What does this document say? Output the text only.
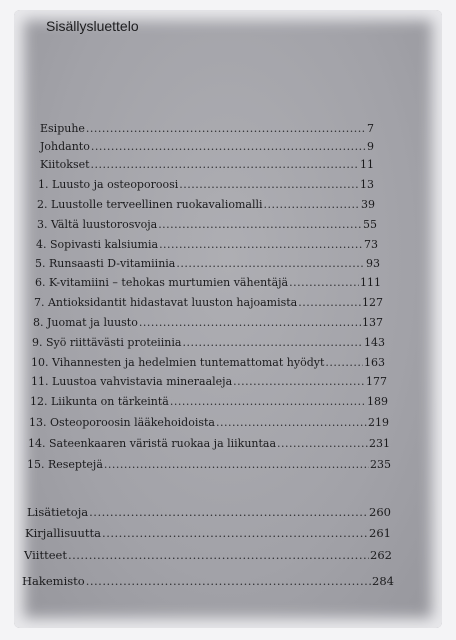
Sisällysluettelo
Esipuhe .....	7
Johdanto .....	9
Kiitokset .....	11
1. Luusto ja osteoporoosi .....	13
2. Luustolle terveellinen ruokavaliomalli .....	39
3. Vältä luustorosvoja .....	55
4. Sopivasti kalsiumia .....	73
5. Runsaasti D-vitamiinia .....	93
6. K-vitamiini – tehokas murtumien vähentäjä .....	111
7. Antioksidantit hidastavat luuston hajoamista .....	127
8. Juomat ja luusto .....	137
9. Syö riittävästi proteiinia .....	143
10. Vihannesten ja hedelmien tuntemattomat hyödyt .....	163
11. Luustoa vahvistavia mineraaleja .....	177
12. Liikunta on tärkeintä .....	189
13. Osteoporoosin lääkehoidoista .....	219
14. Sateenkaaren väristä ruokaa ja liikuntaa .....	231
15. Reseptejä .....	235
Lisätietoja .....	260
Kirjallisuutta .....	261
Viitteet .....	262
Hakemisto .....	284
